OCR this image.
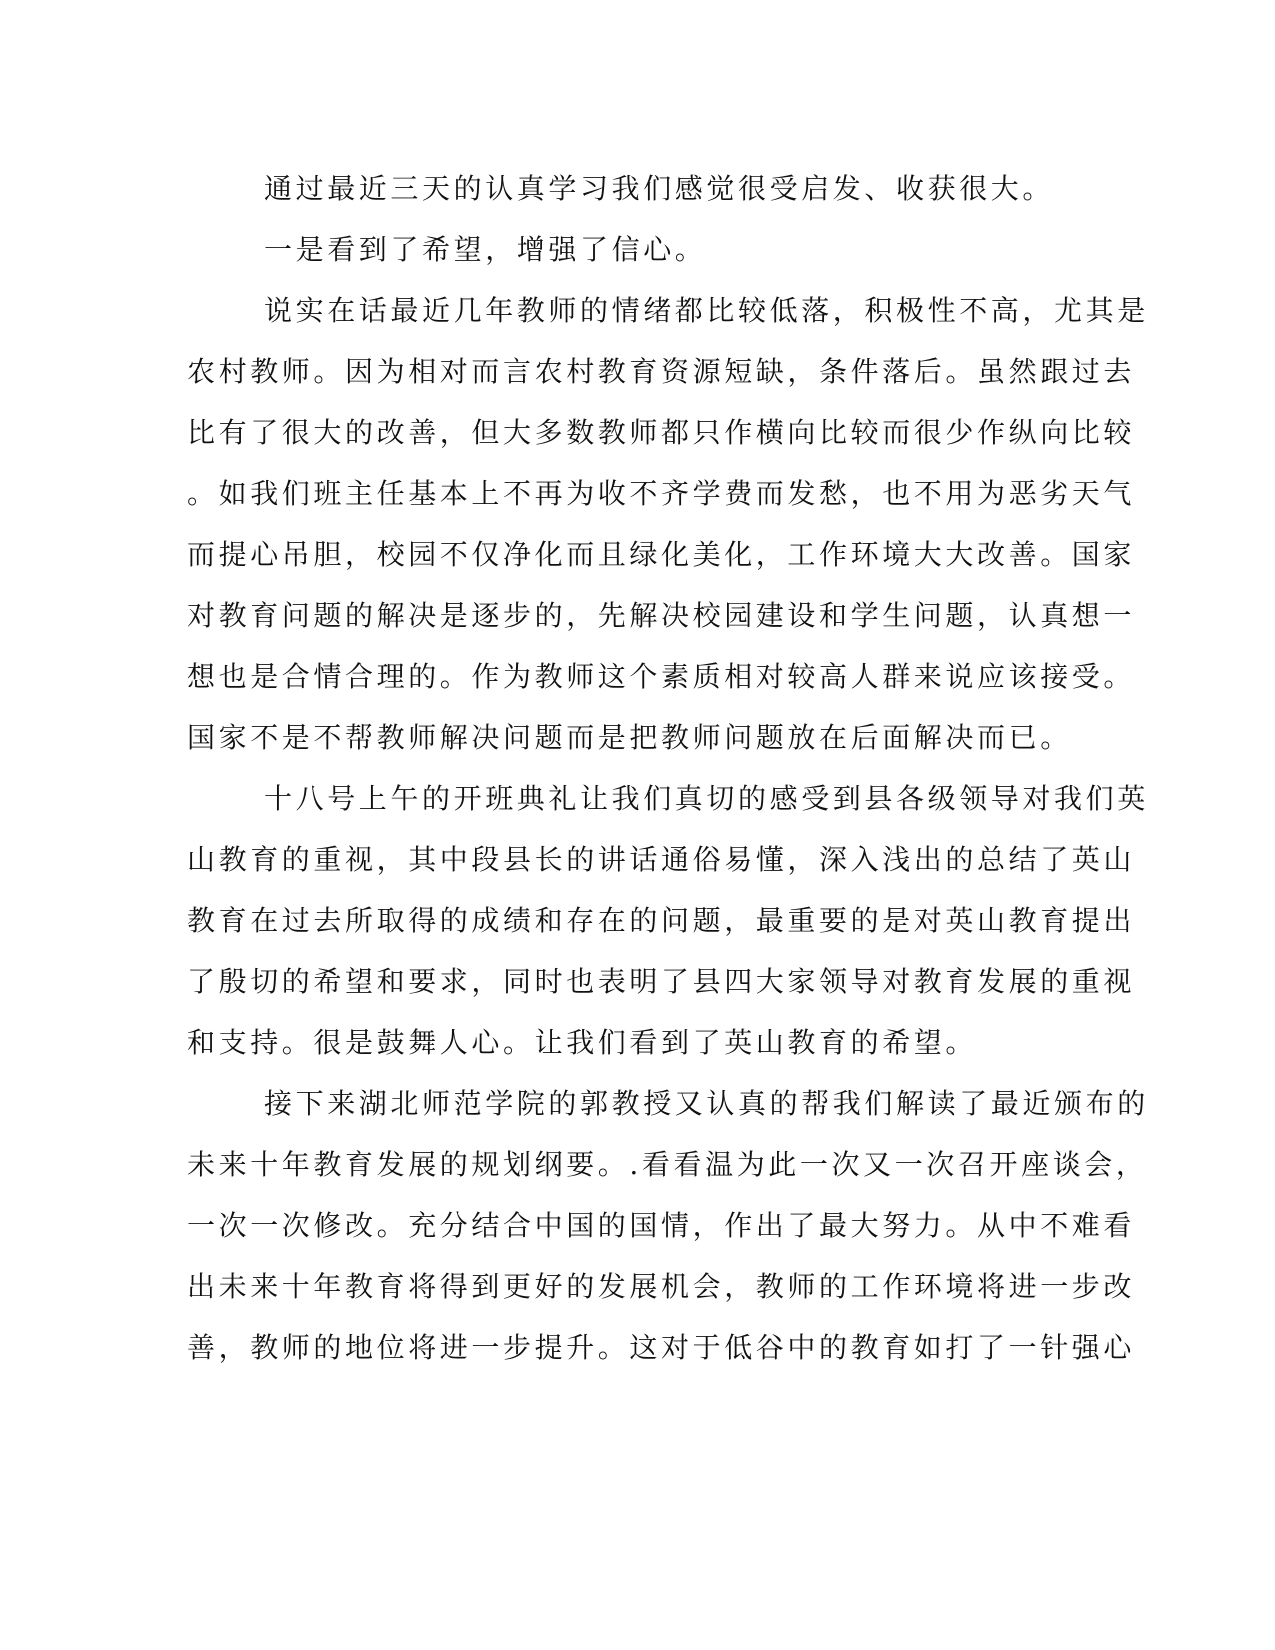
通过最近三天的认真学习我们感觉很受启发、收获很大。
一是看到了希望，增强了信心。
说实在话最近几年教师的情绪都比较低落，积极性不高，尤其是
农村教师。因为相对而言农村教育资源短缺，条件落后。虽然跟过去
比有了很大的改善，但大多数教师都只作横向比较而很少作纵向比较
。如我们班主任基本上不再为收不齐学费而发愁，也不用为恶劣天气
而提心吊胆，校园不仅净化而且绿化美化，工作环境大大改善。国家
对教育问题的解决是逐步的，先解决校园建设和学生问题，认真想一
想也是合情合理的。作为教师这个素质相对较高人群来说应该接受。
国家不是不帮教师解决问题而是把教师问题放在后面解决而已。
十八号上午的开班典礼让我们真切的感受到县各级领导对我们英
山教育的重视，其中段县长的讲话通俗易懂，深入浅出的总结了英山
教育在过去所取得的成绩和存在的问题，最重要的是对英山教育提出
了殷切的希望和要求，同时也表明了县四大家领导对教育发展的重视
和支持。很是鼓舞人心。让我们看到了英山教育的希望。
接下来湖北师范学院的郭教授又认真的帮我们解读了最近颁布的
未来十年教育发展的规划纲要。.看看温为此一次又一次召开座谈会，
一次一次修改。充分结合中国的国情，作出了最大努力。从中不难看
出未来十年教育将得到更好的发展机会，教师的工作环境将进一步改
善，教师的地位将进一步提升。这对于低谷中的教育如打了一针强心
